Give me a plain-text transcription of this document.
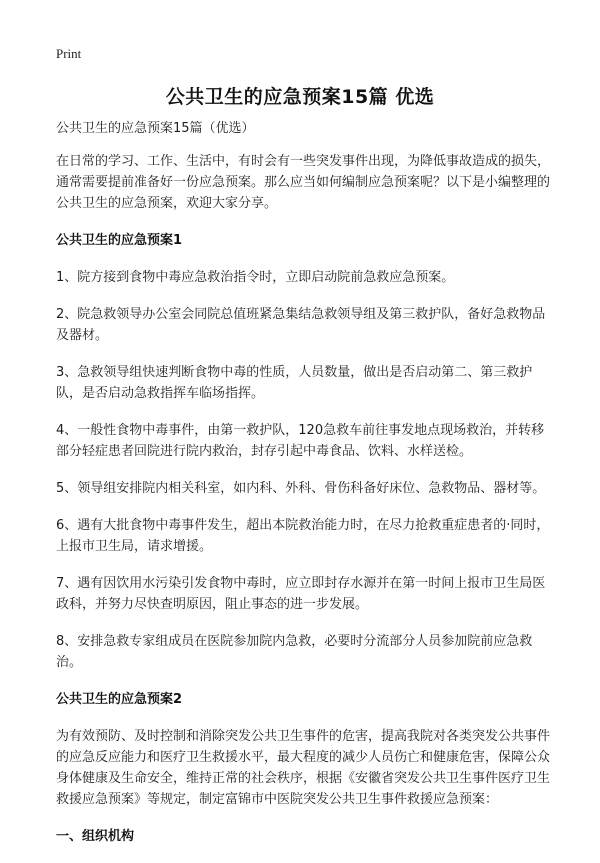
Print
公共卫生的应急预案15篇 优选

公共卫生的应急预案15篇（优选）

在日常的学习、工作、生活中，有时会有一些突发事件出现，为降低事故造成的损失，通常需要提前准备好一份应急预案。那么应当如何编制应急预案呢？以下是小编整理的公共卫生的应急预案，欢迎大家分享。

公共卫生的应急预案1

1、院方接到食物中毒应急救治指令时，立即启动院前急救应急预案。

2、院急救领导办公室会同院总值班紧急集结急救领导组及第三救护队，备好急救物品及器材。

3、急救领导组快速判断食物中毒的性质，人员数量，做出是否启动第二、第三救护队，是否启动急救指挥车临场指挥。

4、一般性食物中毒事件，由第一救护队，120急救车前往事发地点现场救治，并转移部分轻症患者回院进行院内救治，封存引起中毒食品、饮料、水样送检。

5、领导组安排院内相关科室，如内科、外科、骨伤科备好床位、急救物品、器材等。

6、遇有大批食物中毒事件发生，超出本院救治能力时，在尽力抢救重症患者的·同时，上报市卫生局，请求增援。

7、遇有因饮用水污染引发食物中毒时，应立即封存水源并在第一时间上报市卫生局医政科，并努力尽快查明原因，阻止事态的进一步发展。

8、安排急救专家组成员在医院参加院内急救，必要时分流部分人员参加院前应急救治。

公共卫生的应急预案2

为有效预防、及时控制和消除突发公共卫生事件的危害，提高我院对各类突发公共事件的应急反应能力和医疗卫生救援水平，最大程度的减少人员伤亡和健康危害，保障公众身体健康及生命安全，维持正常的社会秩序，根据《安徽省突发公共卫生事件医疗卫生救援应急预案》等规定，制定富锦市中医院突发公共卫生事件救援应急预案：

一、组织机构
